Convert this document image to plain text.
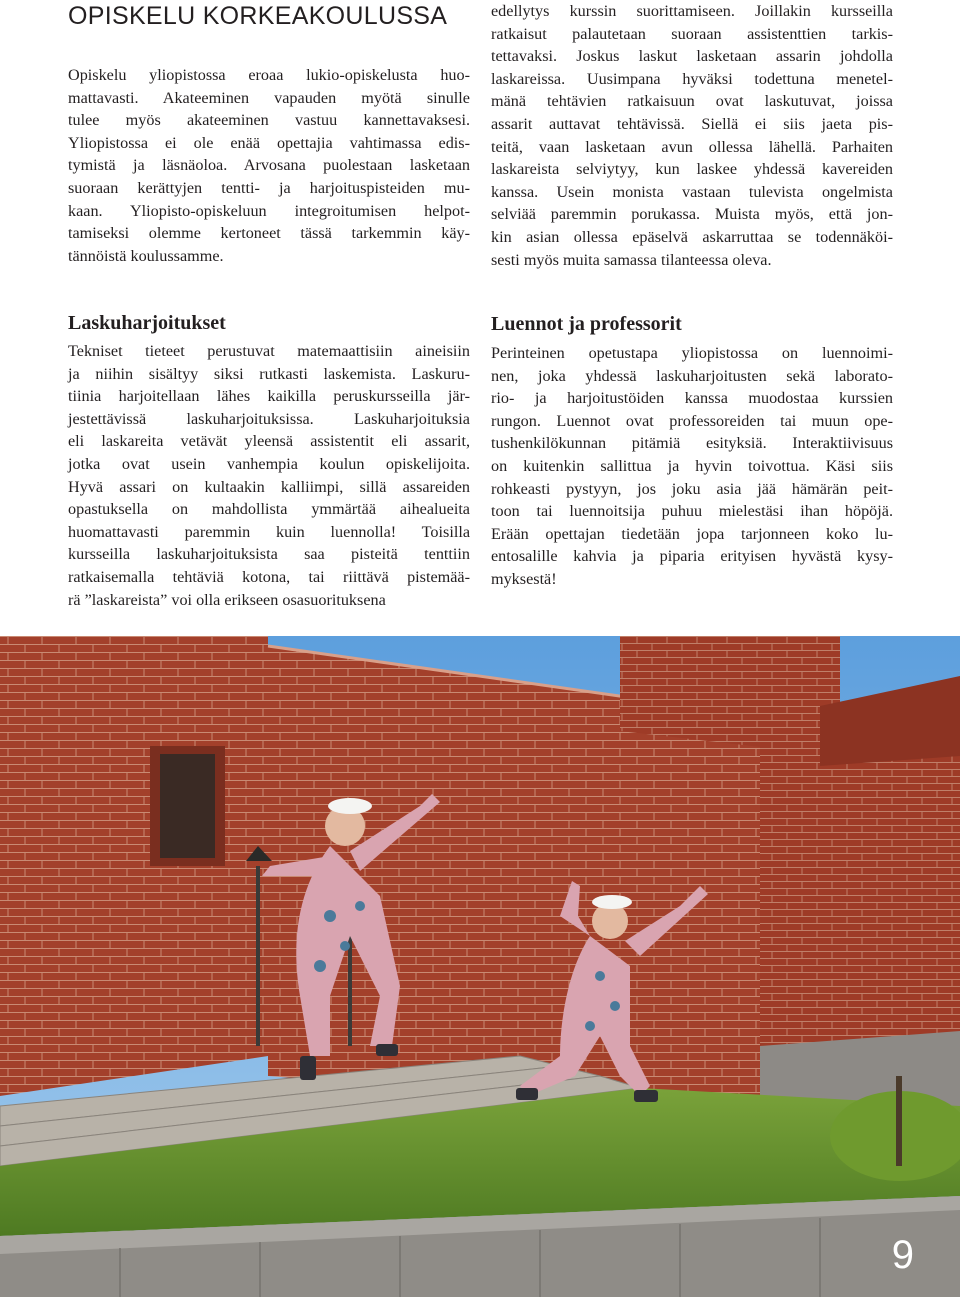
OPISKELU KORKEAKOULUSSA
Opiskelu yliopistossa eroaa lukio-opiskelusta huo-
mattavasti. Akateeminen vapauden myötä sinulle
tulee myös akateeminen vastuu kannettavaksesi.
Yliopistossa ei ole enää opettajia vahtimassa edis-
tymistä ja läsnäoloa. Arvosana puolestaan lasketaan
suoraan kerättyjen tentti- ja harjoituspisteiden mu-
kaan. Yliopisto-opiskeluun integroitumisen helpot-
tamiseksi olemme kertoneet tässä tarkemmin käy-
tännöistä koulussamme.
Laskuharjoitukset
Tekniset tieteet perustuvat matemaattisiin aineisiin
ja niihin sisältyy siksi rutkasti laskemista. Laskuru-
tiinia harjoitellaan lähes kaikilla peruskursseilla jär-
jestettävissä laskuharjoituksissa. Laskuharjoituksia
eli laskareita vetävät yleensä assistentit eli assarit,
jotka ovat usein vanhempia koulun opiskelijoita.
Hyvä assari on kultaakin kalliimpi, sillä assareiden
opastuksella on mahdollista ymmärtää aihealueita
huomattavasti paremmin kuin luennolla! Toisilla
kursseilla laskuharjoituksista saa pisteitä tenttiin
ratkaisemalla tehtäviä kotona, tai riittävä pistemää-
rä ”laskareista” voi olla erikseen osasuorituksena
edellytys kurssin suorittamiseen. Joillakin kursseilla
ratkaisut palautetaan suoraan assistenttien tarkis-
tettavaksi. Joskus laskut lasketaan assarin johdolla
laskareissa. Uusimpana hyväksi todettuna menetel-
mänä tehtävien ratkaisuun ovat laskutuvat, joissa
assarit auttavat tehtävissä. Siellä ei siis jaeta pis-
teitä, vaan lasketaan avun ollessa lähellä. Parhaiten
laskareista selviytyy, kun laskee yhdessä kavereiden
kanssa. Usein monista vastaan tulevista ongelmista
selviää paremmin porukassa. Muista myös, että jon-
kin asian ollessa epäselvä askarruttaa se todennäköi-
sesti myös muita samassa tilanteessa oleva.
Luennot ja professorit
Perinteinen opetustapa yliopistossa on luennoimi-
nen, joka yhdessä laskuharjoitusten sekä laborato-
rio- ja harjoitustöiden kanssa muodostaa kurssien
rungon. Luennot ovat professoreiden tai muun ope-
tushenkilökunnan pitämiä esityksiä. Interaktiivisuus
on kuitenkin sallittua ja hyvin toivottua. Käsi siis
rohkeasti pystyyn, jos joku asia jää hämärän peit-
toon tai luennoitsija puhuu mielestäsi ihan höpöjä.
Erään opettajan tiedetään jopa tarjonneen koko lu-
entosalille kahvia ja piparia erityisen hyvästä kysy-
myksestä!
9
